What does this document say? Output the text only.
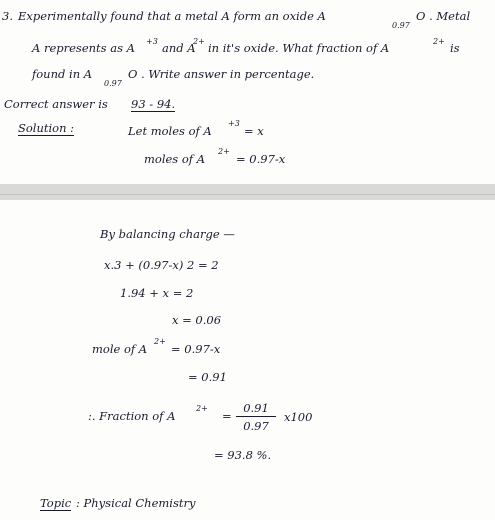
3. Experimentally found that a metal A form an oxide A
0.97
O . Metal
A represents as A +3 and A
2+ in it's oxide. What fraction of A	2+ is
found in A
0.97
O . Write answer in percentage.
Correct answer is 93 - 94.
Solution :	Let moles of A
+3
= x
moles of A
2+
= 0.97-x
By balancing charge —
x.3 + (0.97-x) 2 = 2
1.94 + x = 2
x = 0.06
mole of A
2+
= 0.97-x
= 0.91
:. Fraction of A
2+
=
0.91
0.97
x100
= 93.8 %.
Topic : Physical Chemistry
